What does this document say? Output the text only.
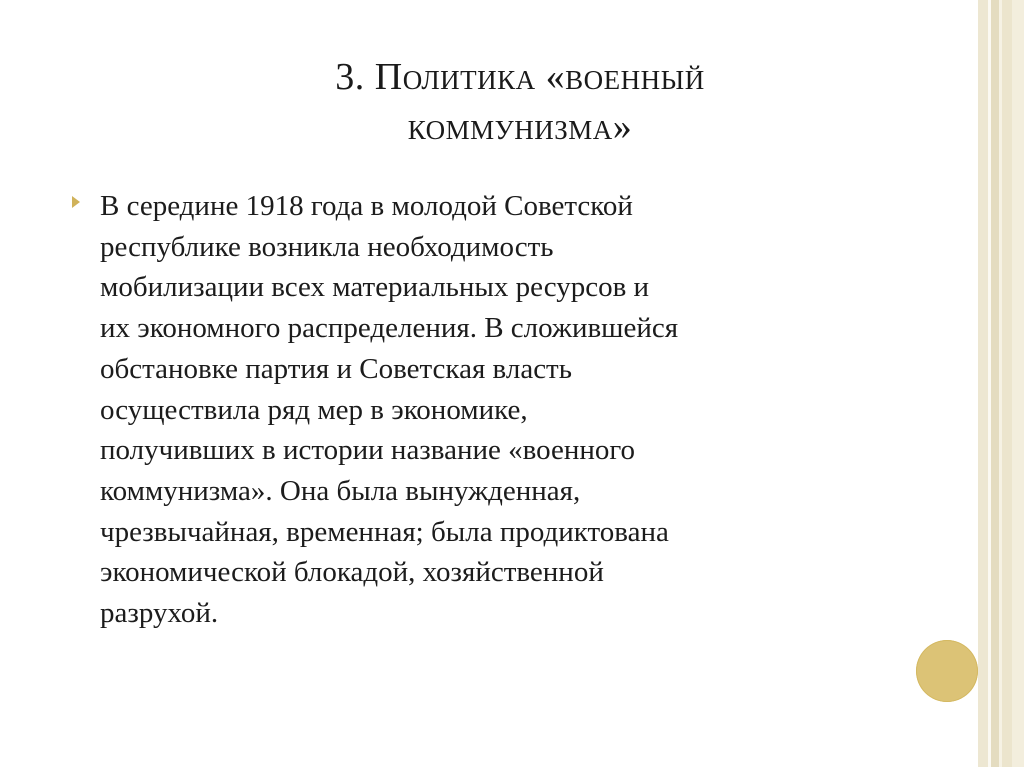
3. Политика «военный
коммунизма»
В середине 1918 года в молодой Советской
республике возникла необходимость
мобилизации всех материальных ресурсов и
их экономного распределения. В сложившейся
обстановке партия и Советская власть
осуществила ряд мер в экономике,
получивших в истории название «военного
коммунизма». Она была вынужденная,
чрезвычайная, временная; была продиктована
экономической блокадой, хозяйственной
разрухой.
